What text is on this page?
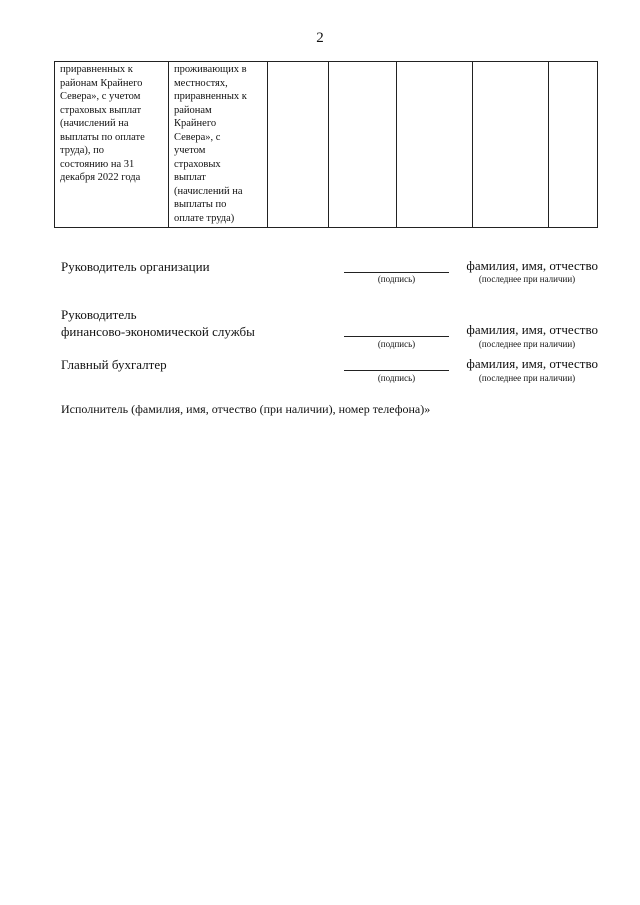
2
приравненных к
районам Крайнего
Севера», с учетом
страховых выплат
(начислений на
выплаты по оплате
труда), по
состоянию на 31
декабря 2022 года	проживающих в
местностях,
приравненных к
районам
Крайнего
Севера», с
учетом
страховых
выплат
(начислений на
выплаты по
оплате труда)					
Руководитель организации
(подпись)
фамилия, имя, отчество
(последнее при наличии)
Руководитель
финансово-экономической службы
(подпись)
фамилия, имя, отчество
(последнее при наличии)
Главный бухгалтер
(подпись)
фамилия, имя, отчество
(последнее при наличии)
Исполнитель (фамилия, имя, отчество (при наличии), номер телефона)»
